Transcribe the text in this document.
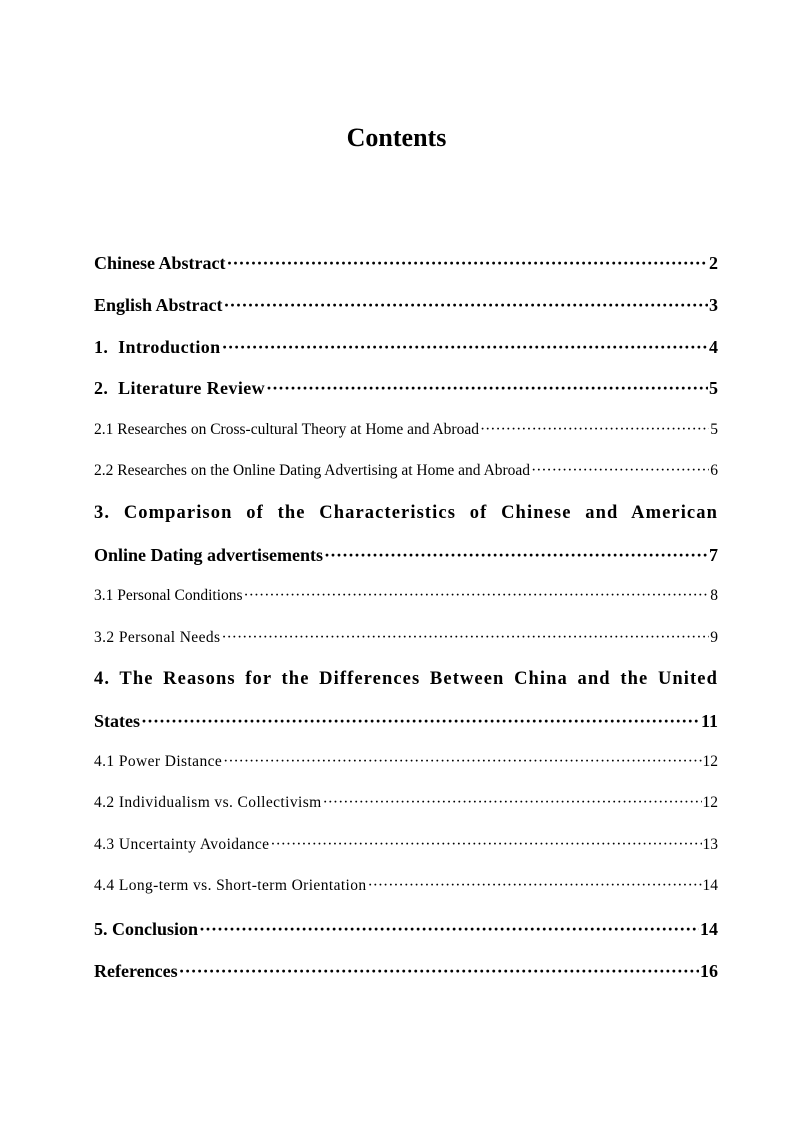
Contents
Chinese Abstract ·····	2
English Abstract ·····	3
1.  Introduction ·····	4
2.  Literature Review ·····	5
2.1 Researches on Cross-cultural Theory at Home and Abroad ·····	5
2.2 Researches on the Online Dating Advertising at Home and Abroad ·····	6
3. Comparison of the Characteristics of Chinese and American
Online Dating advertisements ·····	7
3.1 Personal Conditions ·····	8
3.2 Personal Needs ·····	9
4. The Reasons for the Differences Between China and the United
States ·····	11
4.1 Power Distance ·····	12
4.2 Individualism vs. Collectivism ·····	12
4.3 Uncertainty Avoidance ·····	13
4.4 Long-term vs. Short-term Orientation ·····	14
5. Conclusion ·····	14
References ·····	16
